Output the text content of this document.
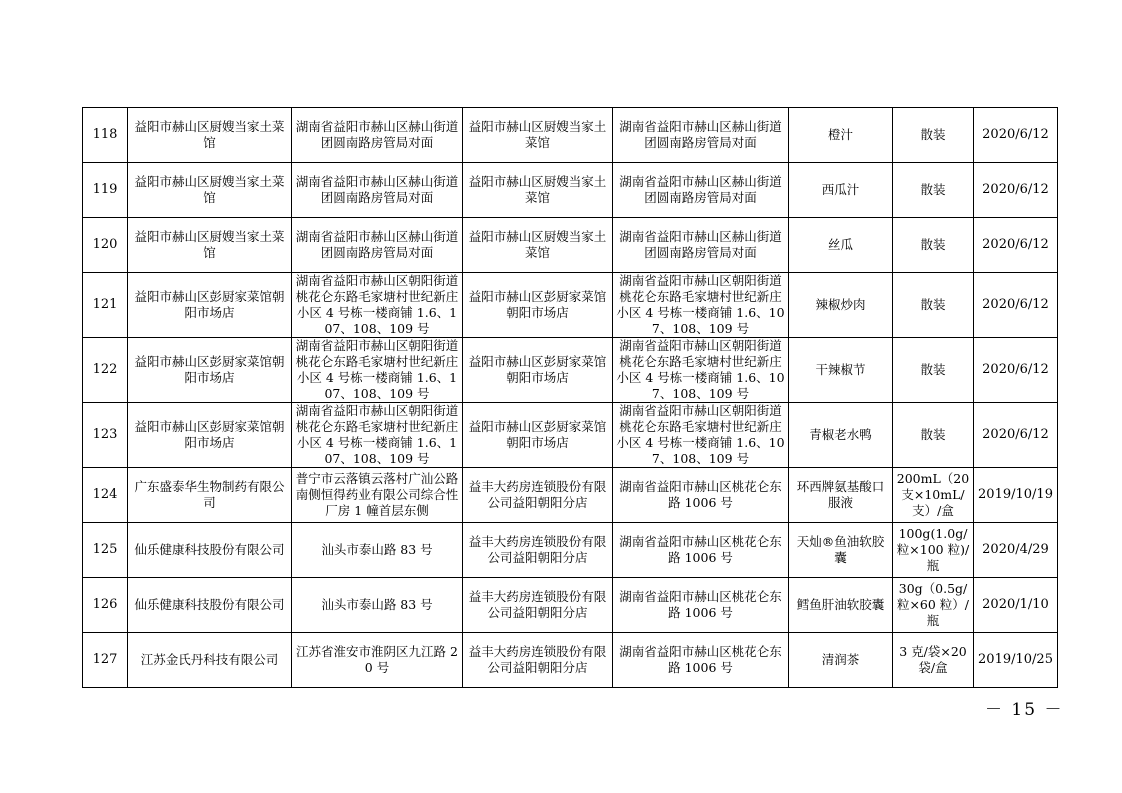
118	益阳市赫山区厨嫂当家土菜馆	湖南省益阳市赫山区赫山街道团圆南路房管局对面	益阳市赫山区厨嫂当家土菜馆	湖南省益阳市赫山区赫山街道团圆南路房管局对面	橙汁	散装	2020/6/12
119	益阳市赫山区厨嫂当家土菜馆	湖南省益阳市赫山区赫山街道团圆南路房管局对面	益阳市赫山区厨嫂当家土菜馆	湖南省益阳市赫山区赫山街道团圆南路房管局对面	西瓜汁	散装	2020/6/12
120	益阳市赫山区厨嫂当家土菜馆	湖南省益阳市赫山区赫山街道团圆南路房管局对面	益阳市赫山区厨嫂当家土菜馆	湖南省益阳市赫山区赫山街道团圆南路房管局对面	丝瓜	散装	2020/6/12
121	益阳市赫山区彭厨家菜馆朝阳市场店	湖南省益阳市赫山区朝阳街道桃花仑东路毛家塘村世纪新庄小区 4 号栋一楼商铺 1.6、107、108、109 号	益阳市赫山区彭厨家菜馆朝阳市场店	湖南省益阳市赫山区朝阳街道桃花仑东路毛家塘村世纪新庄小区 4 号栋一楼商铺 1.6、107、108、109 号	辣椒炒肉	散装	2020/6/12
122	益阳市赫山区彭厨家菜馆朝阳市场店	湖南省益阳市赫山区朝阳街道桃花仑东路毛家塘村世纪新庄小区 4 号栋一楼商铺 1.6、107、108、109 号	益阳市赫山区彭厨家菜馆朝阳市场店	湖南省益阳市赫山区朝阳街道桃花仑东路毛家塘村世纪新庄小区 4 号栋一楼商铺 1.6、107、108、109 号	干辣椒节	散装	2020/6/12
123	益阳市赫山区彭厨家菜馆朝阳市场店	湖南省益阳市赫山区朝阳街道桃花仑东路毛家塘村世纪新庄小区 4 号栋一楼商铺 1.6、107、108、109 号	益阳市赫山区彭厨家菜馆朝阳市场店	湖南省益阳市赫山区朝阳街道桃花仑东路毛家塘村世纪新庄小区 4 号栋一楼商铺 1.6、107、108、109 号	青椒老水鸭	散装	2020/6/12
124	广东盛泰华生物制药有限公司	普宁市云落镇云落村广汕公路南侧恒得药业有限公司综合性厂房 1 幢首层东侧	益丰大药房连锁股份有限公司益阳朝阳分店	湖南省益阳市赫山区桃花仑东路 1006 号	环西牌氨基酸口服液	200mL（20 支×10mL/支）/盒	2019/10/19
125	仙乐健康科技股份有限公司	汕头市泰山路 83 号	益丰大药房连锁股份有限公司益阳朝阳分店	湖南省益阳市赫山区桃花仑东路 1006 号	天灿®鱼油软胶囊	100g(1.0g/粒×100 粒)/瓶	2020/4/29
126	仙乐健康科技股份有限公司	汕头市泰山路 83 号	益丰大药房连锁股份有限公司益阳朝阳分店	湖南省益阳市赫山区桃花仑东路 1006 号	鳕鱼肝油软胶囊	30g（0.5g/粒×60 粒）/瓶	2020/1/10
127	江苏金氏丹科技有限公司	江苏省淮安市淮阴区九江路 20 号	益丰大药房连锁股份有限公司益阳朝阳分店	湖南省益阳市赫山区桃花仑东路 1006 号	清润茶	3 克/袋×20 袋/盒	2019/10/25
－ 15 －
